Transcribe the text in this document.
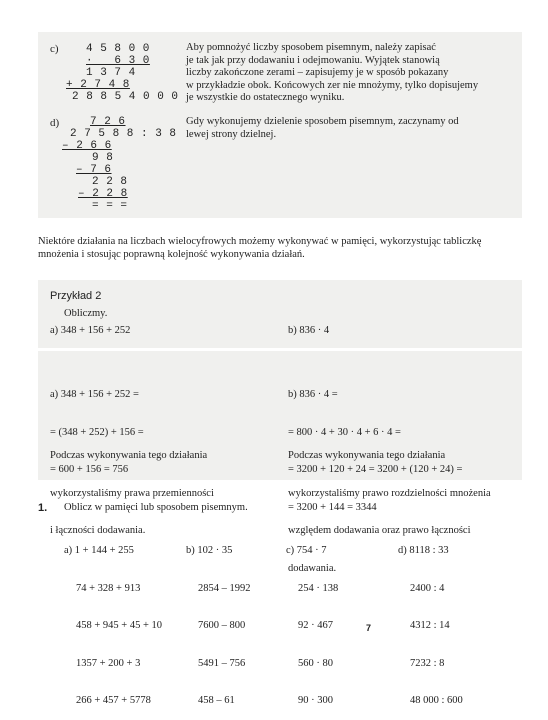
c) 4 5 8 0 0
·   6 3 0
1 3 7 4
+ 2 7 4 8
2 8 8 5 4 0 0 0
Aby pomnożyć liczby sposobem pisemnym, należy zapisać
je tak jak przy dodawaniu i odejmowaniu. Wyjątek stanowią
liczby zakończone zerami – zapisujemy je w sposób pokazany
w przykładzie obok. Końcowych zer nie mnożymy, tylko dopisujemy
je wszystkie do ostatecznego wyniku.
d)	7 2 6
2 7 5 8 8 : 3 8
– 2 6 6
9 8
– 7 6
2 2 8
– 2 2 8
= = =
Gdy wykonujemy dzielenie sposobem pisemnym, zaczynamy od
lewej strony dzielnej.
Niektóre działania na liczbach wielocyfrowych możemy wykonywać w pamięci, wykorzystując tabliczkę
mnożenia i stosując poprawną kolejność wykonywania działań.
Przykład 2
Obliczmy.
a) 348 + 156 + 252	b) 836 · 4

a) 348 + 156 + 252 =

= (348 + 252) + 156 =

= 600 + 156 = 756

b) 836 · 4 =

= 800 · 4 + 30 · 4 + 6 · 4 =

= 3200 + 120 + 24 = 3200 + (120 + 24) =

= 3200 + 144 = 3344

Podczas wykonywania tego działania

wykorzystaliśmy prawa przemienności

i łączności dodawania.

Podczas wykonywania tego działania

wykorzystaliśmy prawo rozdzielności mnożenia

względem dodawania oraz prawo łączności

dodawania.

1. Oblicz w pamięci lub sposobem pisemnym.

a) 1 + 144 + 255

74 + 328 + 913

458 + 945 + 45 + 10

1357 + 200 + 3

266 + 457 + 5778

b) 102 · 35

2854 – 1992

7600 – 800

5491 – 756

458 – 61

c) 754 · 7

254 · 138

92 · 467

560 · 80

90 · 300

d) 8118 : 33

2400 : 4

4312 : 14

7232 : 8

48 000 : 600

7
